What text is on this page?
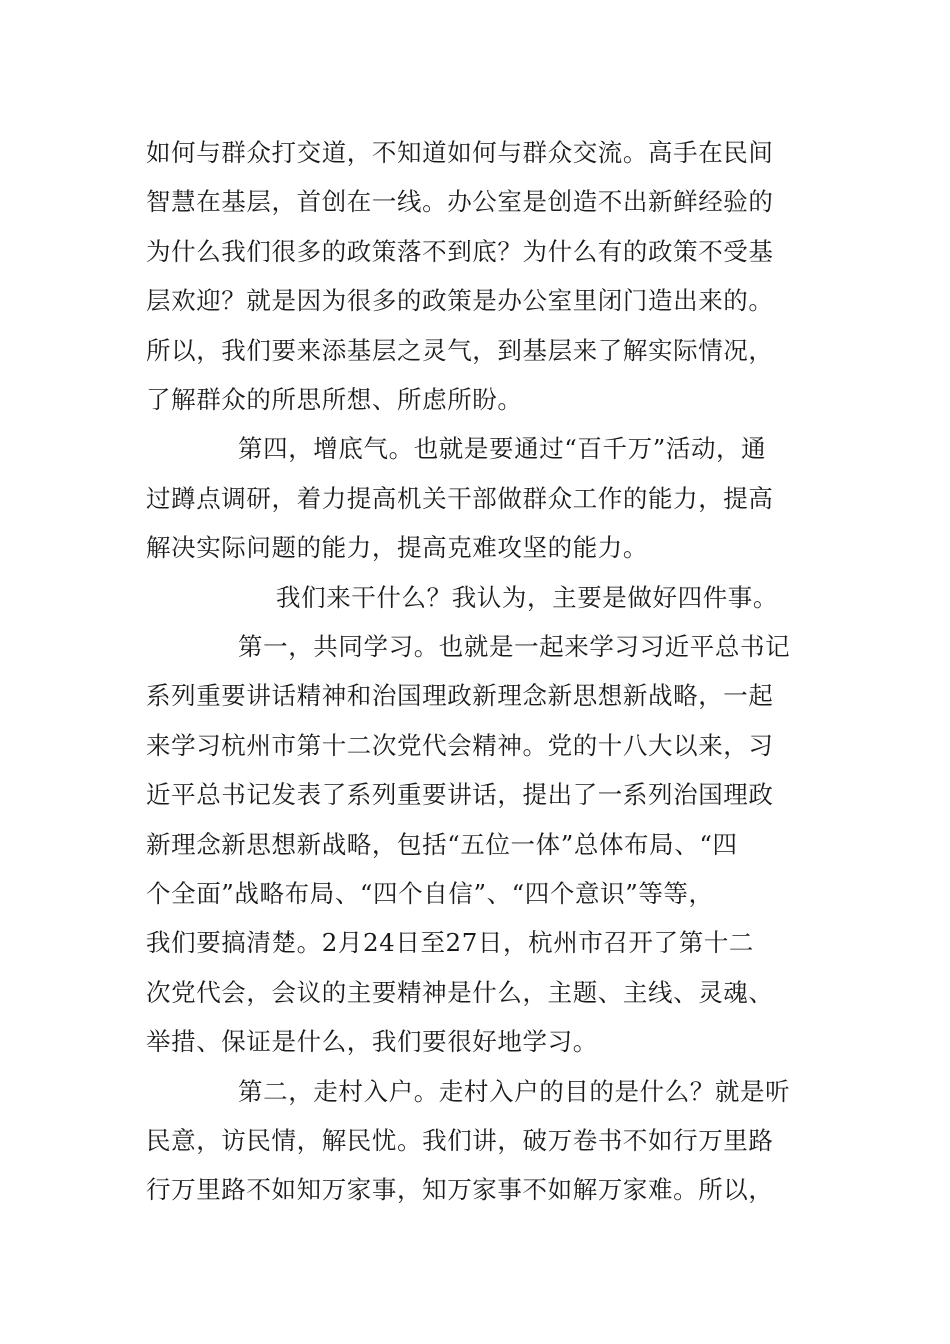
如何与群众打交道，不知道如何与群众交流。高手在民间
智慧在基层，首创在一线。办公室是创造不出新鲜经验的
为什么我们很多的政策落不到底？为什么有的政策不受基
层欢迎？就是因为很多的政策是办公室里闭门造出来的。
所以，我们要来添基层之灵气，到基层来了解实际情况，
了解群众的所思所想、所虑所盼。
第四，增底气。也就是要通过“百千万”活动，通
过蹲点调研，着力提高机关干部做群众工作的能力，提高
解决实际问题的能力，提高克难攻坚的能力。
我们来干什么？我认为，主要是做好四件事。
第一，共同学习。也就是一起来学习习近平总书记
系列重要讲话精神和治国理政新理念新思想新战略，一起
来学习杭州市第十二次党代会精神。党的十八大以来，习
近平总书记发表了系列重要讲话，提出了一系列治国理政
新理念新思想新战略，包括“五位一体”总体布局、“四
个全面”战略布局、“四个自信”、“四个意识”等等，
我们要搞清楚。2月24日至27日，杭州市召开了第十二
次党代会，会议的主要精神是什么，主题、主线、灵魂、
举措、保证是什么，我们要很好地学习。
第二，走村入户。走村入户的目的是什么？就是听
民意，访民情，解民忧。我们讲，破万卷书不如行万里路
行万里路不如知万家事，知万家事不如解万家难。所以，
